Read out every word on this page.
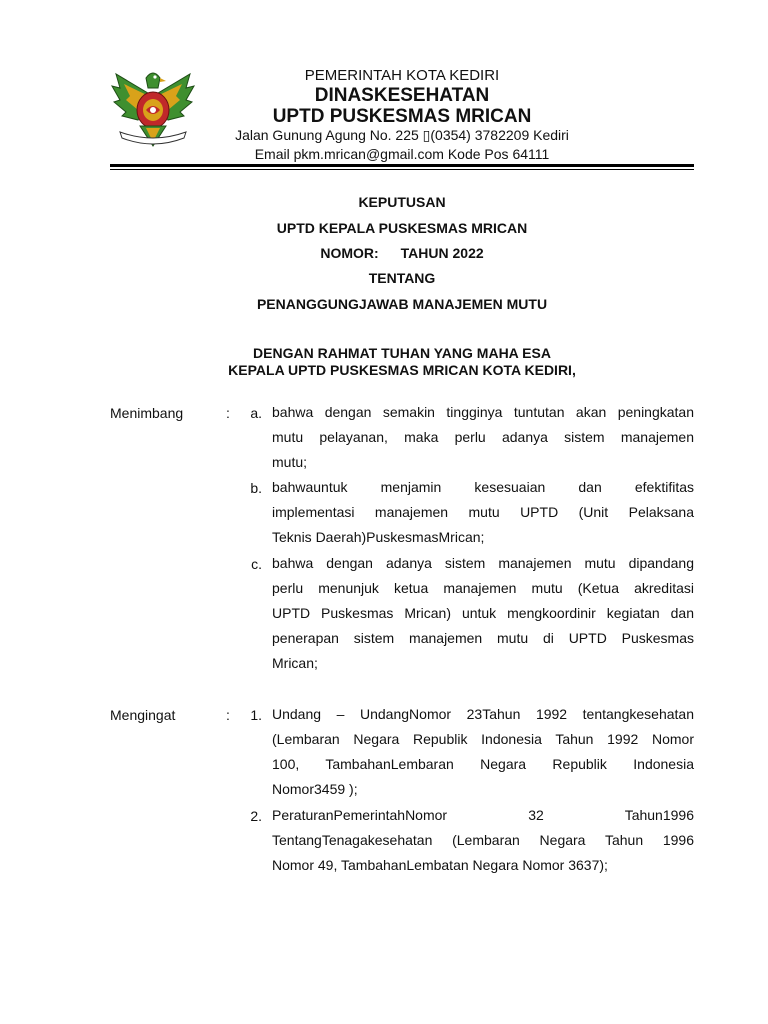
PEMERINTAH KOTA KEDIRI
DINASKESEHATAN
UPTD PUSKESMAS MRICAN
Jalan Gunung Agung No. 225 ▯(0354) 3782209 Kediri
Email pkm.mrican@gmail.com Kode Pos 64111
KEPUTUSAN
UPTD KEPALA PUSKESMAS MRICAN
NOMOR: TAHUN 2022
TENTANG
PENANGGUNGJAWAB MANAJEMEN MUTU
DENGAN RAHMAT TUHAN YANG MAHA ESA
KEPALA UPTD PUSKESMAS MRICAN KOTA KEDIRI,
Menimbang	:	a. bahwa dengan semakin tingginya tuntutan akan peningkatan
mutu pelayanan, maka perlu adanya sistem manajemen
mutu;
b. bahwauntuk menjamin kesesuaian dan efektifitas
implementasi manajemen mutu UPTD (Unit Pelaksana
Teknis Daerah)PuskesmasMrican;
c. bahwa dengan adanya sistem manajemen mutu dipandang
perlu menunjuk ketua manajemen mutu (Ketua akreditasi
UPTD Puskesmas Mrican) untuk mengkoordinir kegiatan dan
penerapan sistem manajemen mutu di UPTD Puskesmas
Mrican;
Mengingat	:	1. Undang – UndangNomor 23Tahun 1992 tentangkesehatan
(Lembaran Negara Republik Indonesia Tahun 1992 Nomor
100, TambahanLembaran Negara Republik Indonesia
Nomor3459 );
2. PeraturanPemerintahNomor 32 Tahun1996
TentangTenagakesehatan (Lembaran Negara Tahun 1996
Nomor 49, TambahanLembatan Negara Nomor 3637);
